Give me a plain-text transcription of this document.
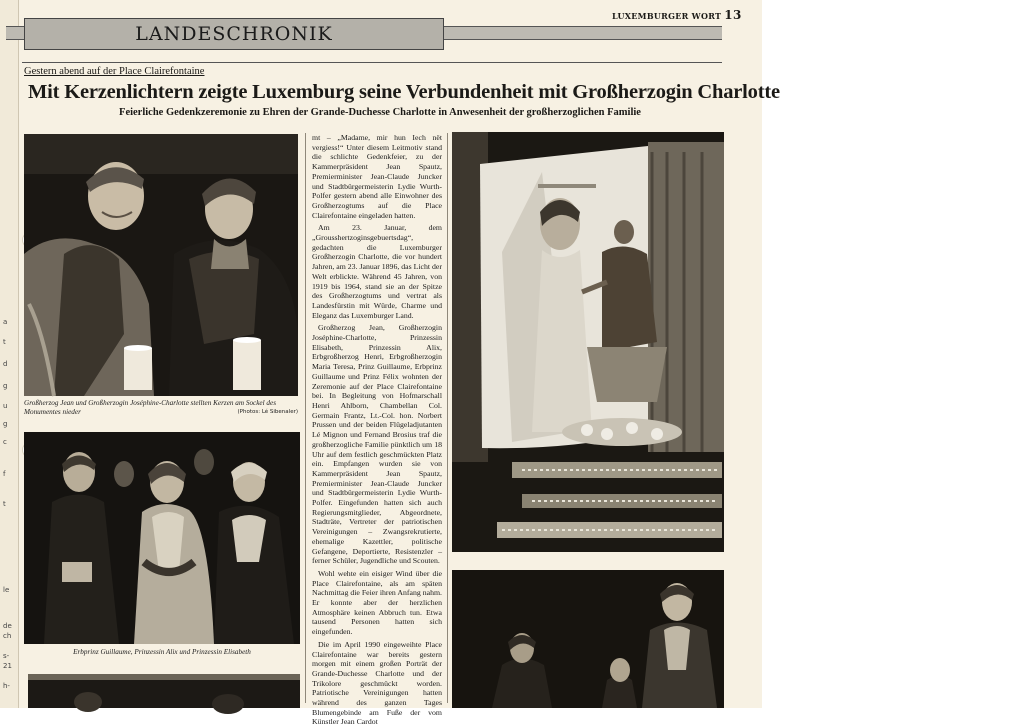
a
t
d
g
u
g
c
f
t
le
de
ch
s-
21
h-
LUXEMBURGER WORT 13
LANDESCHRONIK
Gestern abend auf der Place Clairefontaine
Mit Kerzenlichtern zeigte Luxemburg seine Verbundenheit mit Großherzogin Charlotte
Feierliche Gedenkzeremonie zu Ehren der Grande-Duchesse Charlotte in Anwesenheit der großherzoglichen Familie
Großherzog Jean und Großherzogin Joséphine-Charlotte stellten Kerzen am Sockel des Monumentes nieder	(Photos: Lé Sibenaler)
Erbprinz Guillaume, Prinzessin Alix und Prinzessin Elisabeth

mt – „Madame, mir hun Iech nët vergiess!“ Unter diesem Leitmotiv stand die schlichte Gedenkfeier, zu der Kammerpräsident Jean Spautz, Premierminister Jean-Claude Juncker und Stadtbürgermeisterin Lydie Wurth-Polfer gestern abend alle Einwohner des Großherzogtums auf die Place Clairefontaine eingeladen hatten.

Am 23. Januar, dem „Grousshertzoginsgebuertsdag“, gedachten die Luxemburger Großherzogin Charlotte, die vor hundert Jahren, am 23. Januar 1896, das Licht der Welt erblickte. Während 45 Jahren, von 1919 bis 1964, stand sie an der Spitze des Großherzogtums und vertrat als Landesfürstin mit Würde, Charme und Eleganz das Luxemburger Land.

Großherzog Jean, Großherzogin Joséphine-Charlotte, Prinzessin Elisabeth, Prinzessin Alix, Erbgroßherzog Henri, Erbgroßherzogin Maria Teresa, Prinz Guillaume, Erbprinz Guillaume und Prinz Félix wohnten der Zeremonie auf der Place Clairefontaine bei. In Begleitung von Hofmarschall Henri Ahlborn, Chambellan Col. Germain Frantz, Lt.-Col. hon. Norbert Prussen und der beiden Flügeladjutanten Lé Mignon und Fernand Brosius traf die großherzogliche Familie pünktlich um 18 Uhr auf dem festlich geschmückten Platz ein. Empfangen wurden sie von Kammerpräsident Jean Spautz, Premierminister Jean-Claude Juncker und Stadtbürgermeisterin Lydie Wurth-Polfer. Eingefunden hatten sich auch Regierungsmitglieder, Abgeordnete, Stadträte, Vertreter der patriotischen Vereinigungen – Zwangsrekrutierte, ehemalige Kazettler, politische Gefangene, Deportierte, Resistenzler – ferner Schüler, Jugendliche und Scouten.

Wohl wehte ein eisiger Wind über die Place Clairefontaine, als am späten Nachmittag die Feier ihren Anfang nahm. Er konnte aber der herzlichen Atmosphäre keinen Abbruch tun. Etwa tausend Personen hatten sich eingefunden.

Die im April 1990 eingeweihte Place Clairefontaine war bereits gestern morgen mit einem großen Porträt der Grande-Duchesse Charlotte und der Trikolore geschmückt worden. Patriotische Vereinigungen hatten während des ganzen Tages Blumengebinde am Fuße der vom Künstler Jean Cardot
